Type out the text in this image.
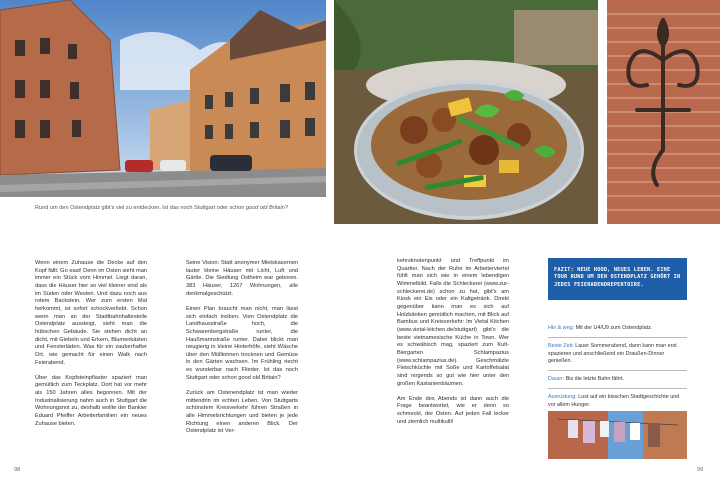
Rund um den Ostendplatz gibt's viel zu entdecken. Ist das noch Stuttgart oder schon good old Britain?

Wenn einem Zuhause die Decke auf den Kopf fällt: Go east! Denn im Osten sieht man immer ein Stück vom Himmel. Liegt daran, dass die Häuser hier so viel kleiner sind als im Süden oder Westen. Und dazu noch aus rotem Backstein. Wer zum ersten Mal herkommt, ist sofort schockverliebt. Schon wenn man an der Stadtbahnhaltestelle Ostendplatz aussteigt, sieht man die hübschen Gebäude. Sie stehen dicht an dicht, mit Giebeln und Erkern, Blumenkästen und Fensterläden. Was für ein zauberhafter Ort, wie gemacht für einen Walk nach Feierabend.

Über das Kopfsteinpflaster spaziert man gemütlich zum Teckplatz. Dort hat vor mehr als 150 Jahren alles begonnen. Mit der Industrialisierung nahm auch in Stuttgart die Wohnungsnot zu, deshalb wollte der Bankier Eduard Pfeiffer Arbeiterfamilien ein neues Zuhause bieten.

Seine Vision: Statt anonymer Mietskasernen lauter kleine Häuser mit Licht, Luft und Gärtle. Die Siedlung Ostheim war geboren. 383 Häuser, 1267 Wohnungen, alle denkmalgeschützt.

Einen Plan braucht man nicht, man lässt sich einfach treiben. Vom Ostendplatz die Landhausstraße hoch, die Schwarenbergstraße runter, die Haußmannstraße runter. Dabei blickt man neugierig in kleine Hinterhöfe, sieht Wäsche über den Mülltonnen trocknen und Gemüse in den Gärten wachsen. Im Frühling riecht es wunderbar nach Flieder. Ist das noch Stuttgart oder schon good old Britain?

Zurück am Ostenendplatz ist man wieder mittendrin im echten Leben. Von Stuttgarts schönstem Kreisverkehr führen Straßen in alle Himmelsrichtungen und bieten je jede Richtung einen anderen Blick. Der Ostendplatz ist Ver-

kehrsknotenpunkt und Treffpunkt im Quartier. Nach der Ruhe im Arbeiterviertel fühlt man sich wie in einem lebendigen Wimmelbild. Falls die Schleckerei (www.zur-schleckerei.de) schon zu hat, gibt's am Kiosk ein Eis oder ein Kaltgetränk. Direkt gegenüber kann man es sich auf Holzbänken gemütlich machen, mit Blick auf Bambus und Kreisverkehr: Im Vietal Kitchen (www.vietal-kitchen.de/stuttgart) gibt's die beste vietnamesische Küche in Town. Wer es schwäbisch mag, spaziert zum Kult-Biergarten Schlampazius (www.schlampazius.de). Geschmälzte Fleischküchle mit Soße und Kartoffelsalat sind nirgends so gut wie hier unter den großen Kastanienbäumen.

Am Ende des Abends ist dann auch die Frage beantwortet, wie er denn so schmeckt, der Osten. Auf jeden Fall lecker und ziemlich multikulti!

FAZIT: NEUE HOOD, NEUES LEBEN. EINE TOUR RUND UM DEN OSTENDPLATZ GEHÖRT IN JEDES FEIERABENDREPERTOIRE.
Hin & weg: Mit der U4/U9 zum Ostendplatz.
Beste Zeit: Lauer Sommerabend, dann kann man erst spazieren und anschließend ein Draußen-Dinner genießen.
Dauer: Bis die letzte Bahn fährt.
Ausrüstung: Lust auf ein bisschen Stadtgeschichte und vor allem Hunger.
98	99
